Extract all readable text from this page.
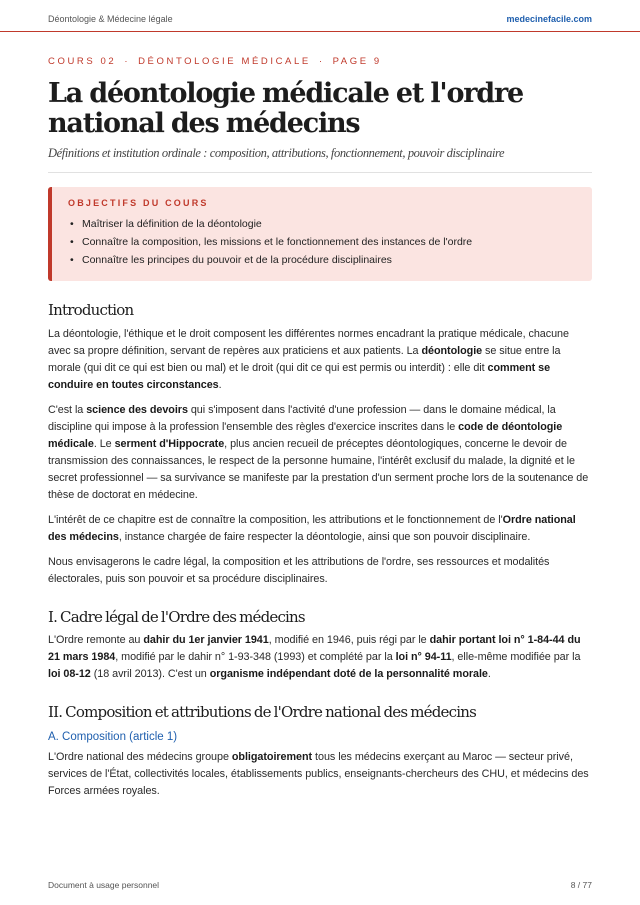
Déontologie & Médecine légale	medecinefacile.com
COURS 02 · DÉONTOLOGIE MÉDICALE · PAGE 9
La déontologie médicale et l'ordre national des médecins
Définitions et institution ordinale : composition, attributions, fonctionnement, pouvoir disciplinaire
OBJECTIFS DU COURS
• Maîtriser la définition de la déontologie
• Connaître la composition, les missions et le fonctionnement des instances de l'ordre
• Connaître les principes du pouvoir et de la procédure disciplinaires
Introduction

La déontologie, l'éthique et le droit composent les différentes normes encadrant la pratique médicale, chacune avec sa propre définition, servant de repères aux praticiens et aux patients. La déontologie se situe entre la morale (qui dit ce qui est bien ou mal) et le droit (qui dit ce qui est permis ou interdit) : elle dit comment se conduire en toutes circonstances.

C'est la science des devoirs qui s'imposent dans l'activité d'une profession — dans le domaine médical, la discipline qui impose à la profession l'ensemble des règles d'exercice inscrites dans le code de déontologie médicale. Le serment d'Hippocrate, plus ancien recueil de préceptes déontologiques, concerne le devoir de transmission des connaissances, le respect de la personne humaine, l'intérêt exclusif du malade, la dignité et le secret professionnel — sa survivance se manifeste par la prestation d'un serment proche lors de la soutenance de thèse de doctorat en médecine.

L'intérêt de ce chapitre est de connaître la composition, les attributions et le fonctionnement de l'Ordre national des médecins, instance chargée de faire respecter la déontologie, ainsi que son pouvoir disciplinaire.

Nous envisagerons le cadre légal, la composition et les attributions de l'ordre, ses ressources et modalités électorales, puis son pouvoir et sa procédure disciplinaires.

I. Cadre légal de l'Ordre des médecins

L'Ordre remonte au dahir du 1er janvier 1941, modifié en 1946, puis régi par le dahir portant loi n° 1-84-44 du 21 mars 1984, modifié par le dahir n° 1-93-348 (1993) et complété par la loi n° 94-11, elle-même modifiée par la loi 08-12 (18 avril 2013). C'est un organisme indépendant doté de la personnalité morale.

II. Composition et attributions de l'Ordre national des médecins
A. Composition (article 1)

L'Ordre national des médecins groupe obligatoirement tous les médecins exerçant au Maroc — secteur privé, services de l'État, collectivités locales, établissements publics, enseignants-chercheurs des CHU, et médecins des Forces armées royales.

Document à usage personnel	8 / 77
